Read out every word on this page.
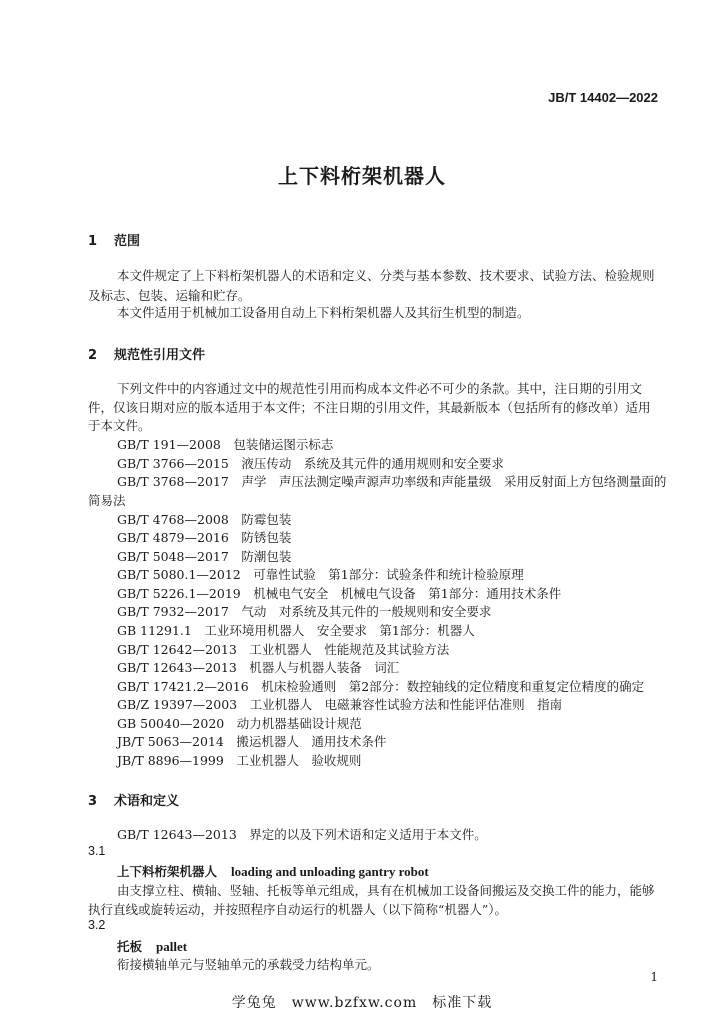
JB/T 14402—2022
上下料桁架机器人
1 范围
本文件规定了上下料桁架机器人的术语和定义、分类与基本参数、技术要求、试验方法、检验规则
及标志、包装、运输和贮存。
本文件适用于机械加工设备用自动上下料桁架机器人及其衍生机型的制造。
2 规范性引用文件
下列文件中的内容通过文中的规范性引用而构成本文件必不可少的条款。其中，注日期的引用文
件，仅该日期对应的版本适用于本文件；不注日期的引用文件，其最新版本（包括所有的修改单）适用
于本文件。
GB/T 191—2008　包装储运图示标志
GB/T 3766—2015　液压传动　系统及其元件的通用规则和安全要求
GB/T 3768—2017　声学　声压法测定噪声源声功率级和声能量级　采用反射面上方包络测量面的
简易法
GB/T 4768—2008　防霉包装
GB/T 4879—2016　防锈包装
GB/T 5048—2017　防潮包装
GB/T 5080.1—2012　可靠性试验　第1部分：试验条件和统计检验原理
GB/T 5226.1—2019　机械电气安全　机械电气设备　第1部分：通用技术条件
GB/T 7932—2017　气动　对系统及其元件的一般规则和安全要求
GB 11291.1　工业环境用机器人　安全要求　第1部分：机器人
GB/T 12642—2013　工业机器人　性能规范及其试验方法
GB/T 12643—2013　机器人与机器人装备　词汇
GB/T 17421.2—2016　机床检验通则　第2部分：数控轴线的定位精度和重复定位精度的确定
GB/Z 19397—2003　工业机器人　电磁兼容性试验方法和性能评估准则　指南
GB 50040—2020　动力机器基础设计规范
JB/T 5063—2014　搬运机器人　通用技术条件
JB/T 8896—1999　工业机器人　验收规则
3 术语和定义
GB/T 12643—2013　界定的以及下列术语和定义适用于本文件。
3.1
上下料桁架机器人 loading and unloading gantry robot
由支撑立柱、横轴、竖轴、托板等单元组成，具有在机械加工设备间搬运及交换工件的能力，能够
执行直线或旋转运动，并按照程序自动运行的机器人（以下简称“机器人”）。
3.2
托板 pallet
衔接横轴单元与竖轴单元的承载受力结构单元。
1
学兔兔　www.bzfxw.com　标准下载
